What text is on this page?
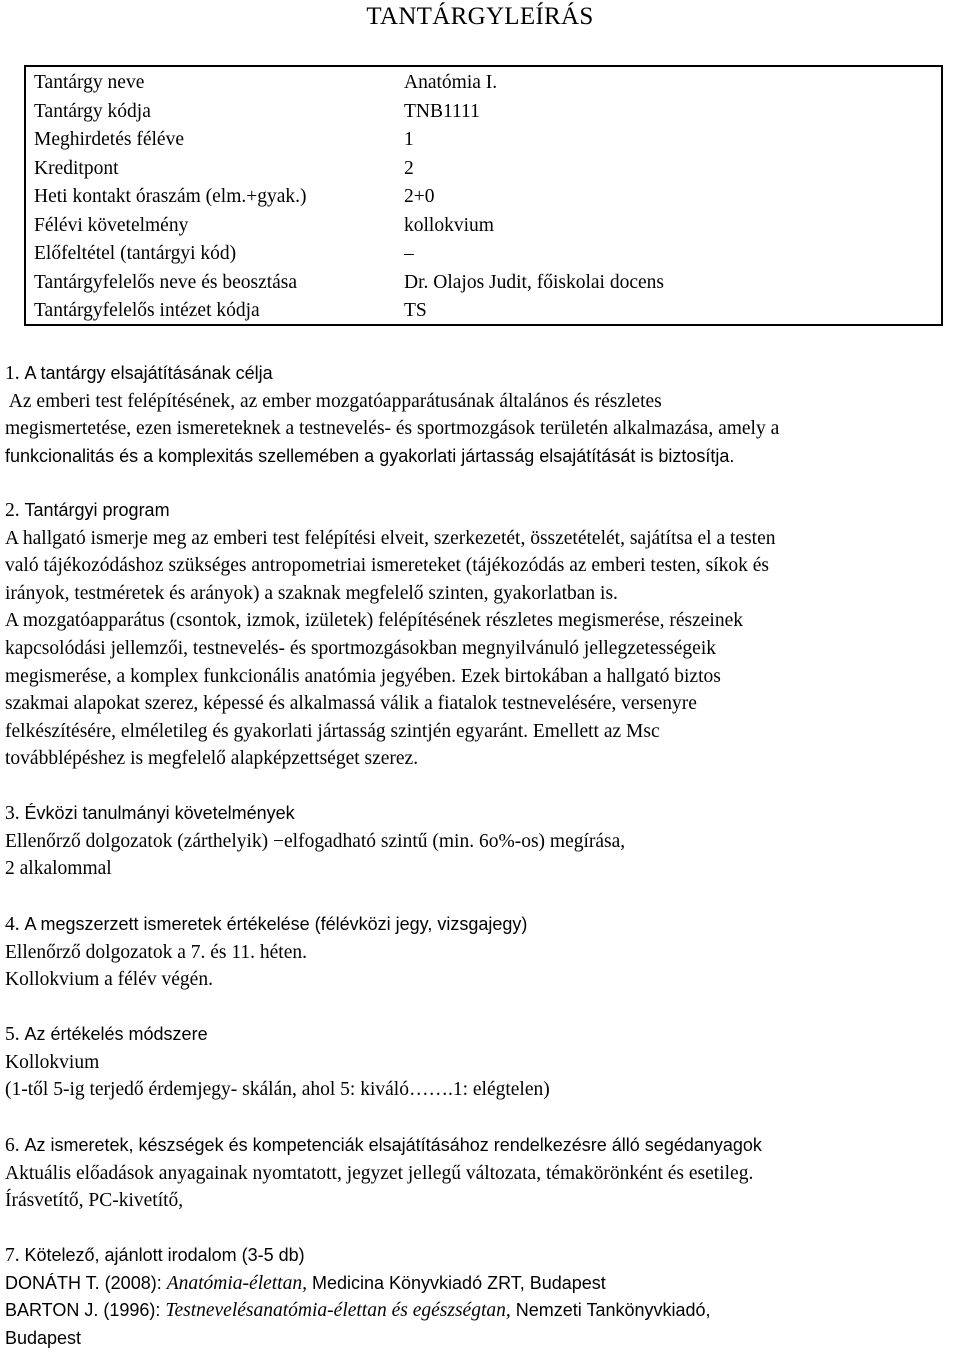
TANTÁRGYLEÍRÁS
Tantárgy neve	Anatómia I.
Tantárgy kódja	TNB1111
Meghirdetés féléve	1
Kreditpont	2
Heti kontakt óraszám (elm.+gyak.)	2+0
Félévi követelmény	kollokvium
Előfeltétel (tantárgyi kód)	–
Tantárgyfelelős neve és beosztása	Dr. Olajos Judit, főiskolai docens
Tantárgyfelelős intézet kódja	TS
1. A tantárgy elsajátításának célja
Az emberi test felépítésének, az ember mozgatóapparátusának általános és részletes
megismertetése, ezen ismereteknek a testnevelés- és sportmozgások területén alkalmazása, amely a
funkcionalitás és a komplexitás szellemében a gyakorlati jártasság elsajátítását is biztosítja.
2. Tantárgyi program
A hallgató ismerje meg az emberi test felépítési elveit, szerkezetét, összetételét, sajátítsa el a testen
való tájékozódáshoz szükséges antropometriai ismereteket (tájékozódás az emberi testen, síkok és
irányok, testméretek és arányok) a szaknak megfelelő szinten, gyakorlatban is.
A mozgatóapparátus (csontok, izmok, izületek) felépítésének részletes megismerése, részeinek
kapcsolódási jellemzői, testnevelés- és sportmozgásokban megnyilvánuló jellegzetességeik
megismerése, a komplex funkcionális anatómia jegyében. Ezek birtokában a hallgató biztos
szakmai alapokat szerez, képessé és alkalmassá válik a fiatalok testnevelésére, versenyre
felkészítésére, elméletileg és gyakorlati jártasság szintjén egyaránt. Emellett az Msc
továbblépéshez is megfelelő alapképzettséget szerez.
3. Évközi tanulmányi követelmények
Ellenőrző dolgozatok (zárthelyik) −elfogadható szintű (min. 6o%-os) megírása,
2 alkalommal
4. A megszerzett ismeretek értékelése (félévközi jegy, vizsgajegy)
Ellenőrző dolgozatok a 7. és 11. héten.
Kollokvium a félév végén.
5. Az értékelés módszere
Kollokvium
(1-től 5-ig terjedő érdemjegy- skálán, ahol 5: kiváló…….1: elégtelen)
6. Az ismeretek, készségek és kompetenciák elsajátításához rendelkezésre álló segédanyagok
Aktuális előadások anyagainak nyomtatott, jegyzet jellegű változata, témakörönként és esetileg.
Írásvetítő, PC-kivetítő,
7. Kötelező, ajánlott irodalom (3-5 db)
DONÁTH T. (2008): Anatómia-élettan, Medicina Könyvkiadó ZRT, Budapest
BARTON J. (1996): Testnevelésanatómia-élettan és egészségtan, Nemzeti Tankönyvkiadó,
Budapest
